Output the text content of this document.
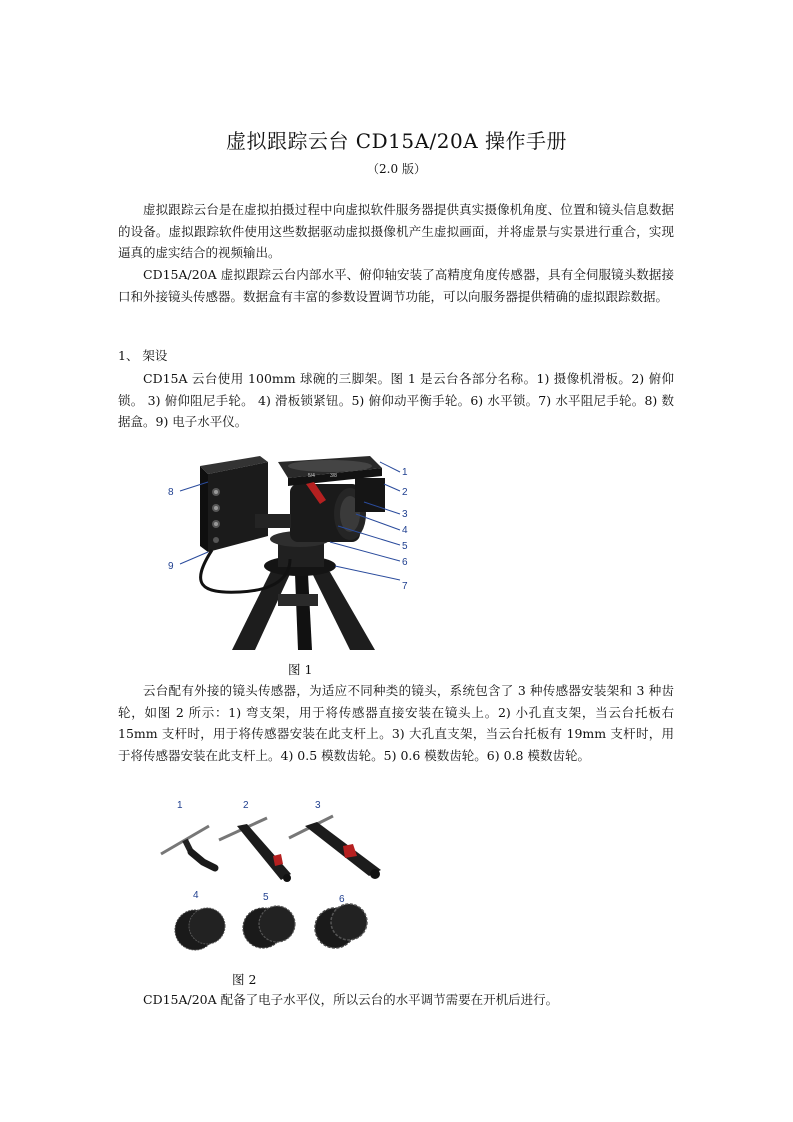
虚拟跟踪云台 CD15A/20A 操作手册
（2.0 版）

虚拟跟踪云台是在虚拟拍摄过程中向虚拟软件服务器提供真实摄像机角度、位置和镜头信息数据的设备。虚拟跟踪软件使用这些数据驱动虚拟摄像机产生虚拟画面，并将虚景与实景进行重合，实现逼真的虚实结合的视频输出。

CD15A/20A 虚拟跟踪云台内部水平、俯仰轴安装了高精度角度传感器，具有全伺服镜头数据接口和外接镜头传感器。数据盒有丰富的参数设置调节功能，可以向服务器提供精确的虚拟跟踪数据。

1、 架设

CD15A 云台使用 100mm 球碗的三脚架。图 1 是云台各部分名称。1) 摄像机滑板。2) 俯仰锁。 3) 俯仰阻尼手轮。 4) 滑板锁紧钮。5) 俯仰动平衡手轮。6) 水平锁。7) 水平阻尼手轮。8) 数据盒。9) 电子水平仪。

5/4	3/8	1
2
3
4
5
6
7
8
9
图 1

云台配有外接的镜头传感器，为适应不同种类的镜头，系统包含了 3 种传感器安装架和 3 种齿轮，如图 2 所示：1) 弯支架，用于将传感器直接安装在镜头上。2) 小孔直支架，当云台托板右 15mm 支杆时，用于将传感器安装在此支杆上。3) 大孔直支架，当云台托板有 19mm 支杆时，用于将传感器安装在此支杆上。4) 0.5 模数齿轮。5) 0.6 模数齿轮。6) 0.8 模数齿轮。

1	2	3
4	5	6
图 2

CD15A/20A 配备了电子水平仪，所以云台的水平调节需要在开机后进行。
